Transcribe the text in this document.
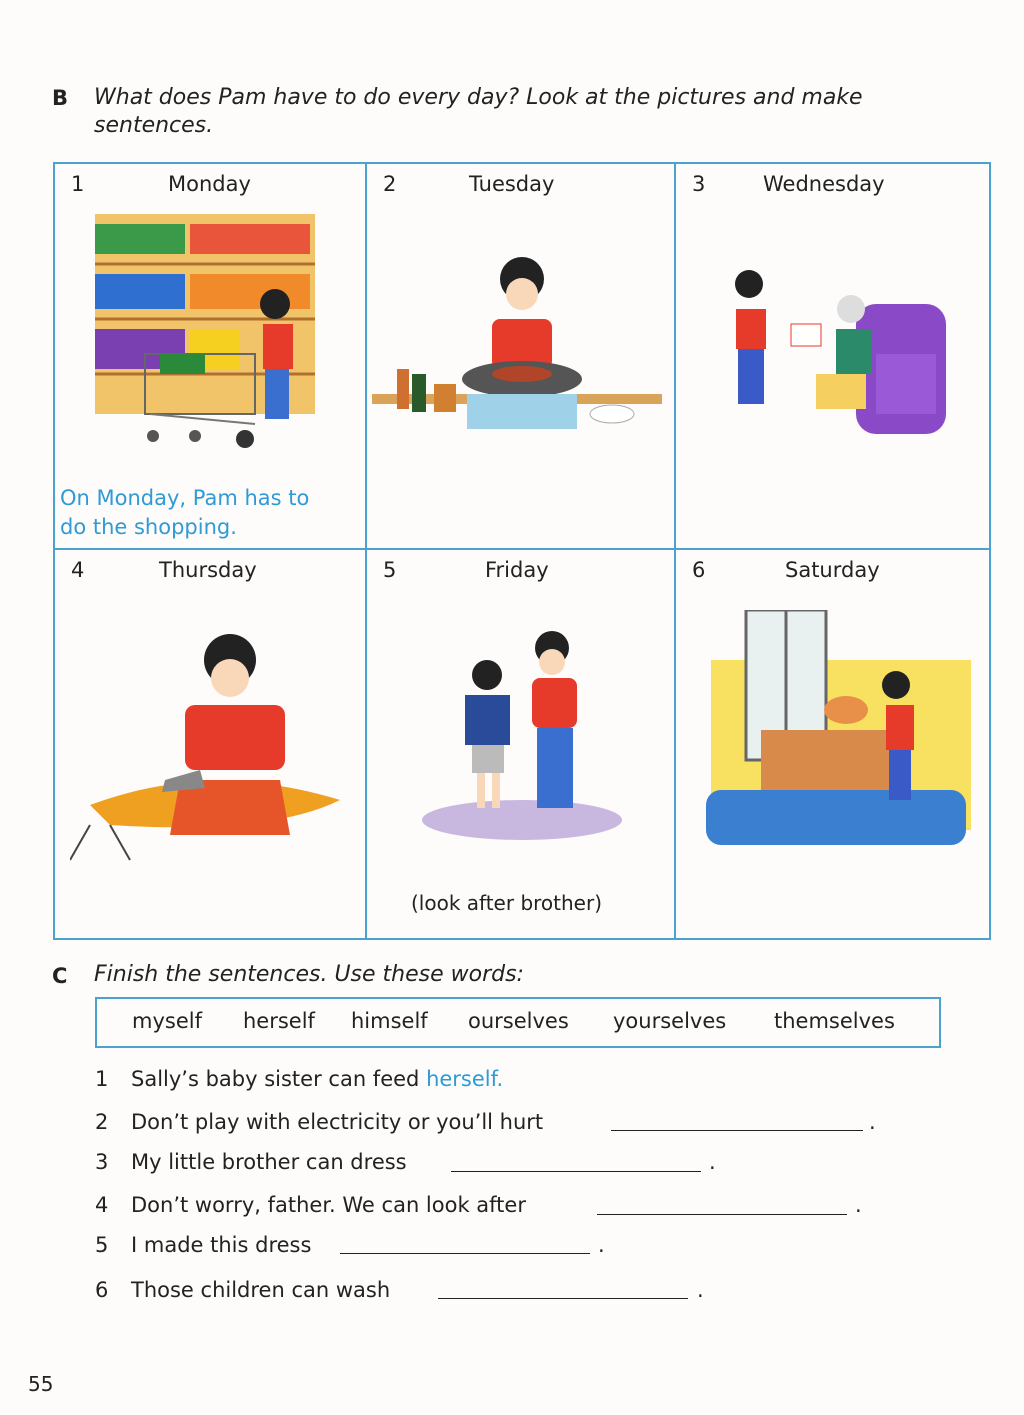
B What does Pam have to do every day? Look at the pictures and make
sentences.
1	Monday
On Monday, Pam has to
do the shopping.
2	Tuesday	3	Wednesday
4	Thursday	5	Friday
(look after brother)
6	Saturday
C Finish the sentences. Use these words:
myself herself himself ourselves yourselves themselves
1 Sally’s baby sister can feed herself.
2 Don’t play with electricity or you’ll hurt	.
3 My little brother can dress	.
4 Don’t worry, father. We can look after	.
5 I made this dress	.
6 Those children can wash	.
55
